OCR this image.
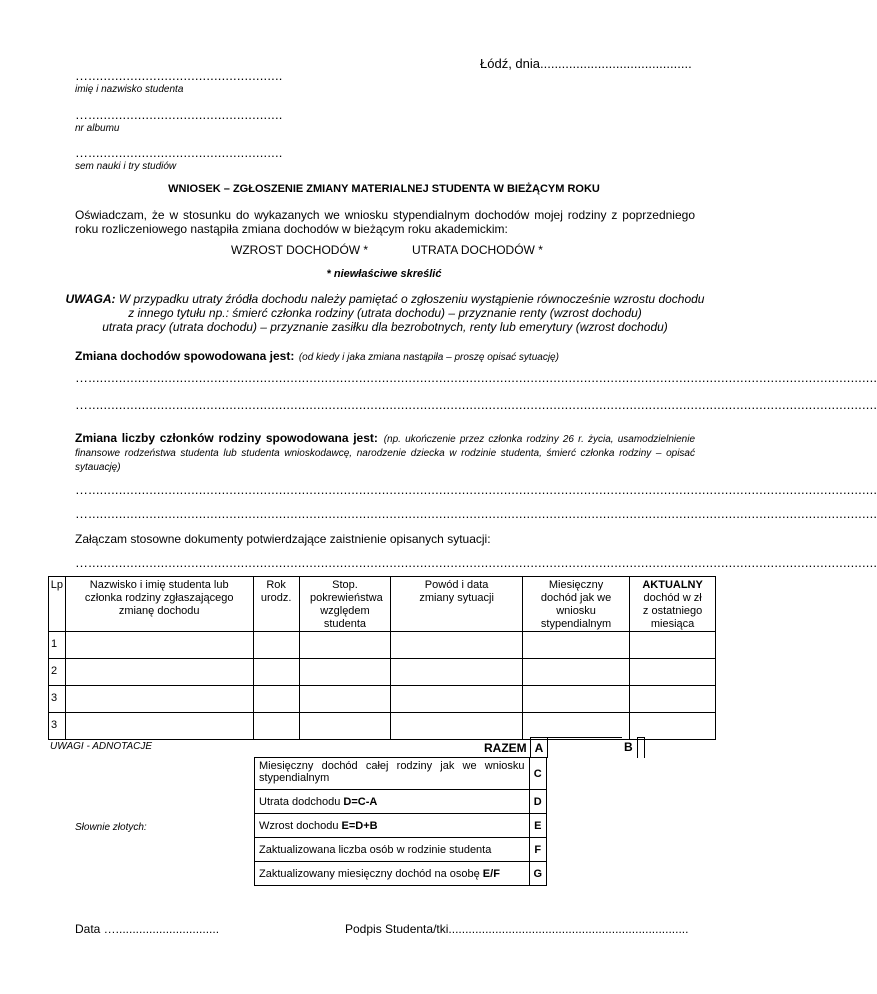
Łódź, dnia..........................................
…...................................................
imię i nazwisko studenta
…...................................................
nr albumu
…...................................................
sem nauki i try studiów
WNIOSEK – ZGŁOSZENIE ZMIANY MATERIALNEJ STUDENTA W BIEŻĄCYM ROKU
Oświadczam, że w stosunku do wykazanych we wniosku stypendialnym dochodów mojej rodziny z poprzedniego roku rozliczeniowego nastąpiła zmiana dochodów w bieżącym roku akademickim:
WZROST DOCHODÓW *	UTRATA DOCHODÓW *
* niewłaściwe skreślić
UWAGA: W przypadku utraty źródła dochodu należy pamiętać o zgłoszeniu wystąpienie równocześnie wzrostu dochodu
z innego tytułu np.: śmierć członka rodziny (utrata dochodu) – przyznanie renty (wzrost dochodu)
utrata pracy (utrata dochodu) – przyznanie zasiłku dla bezrobotnych, renty lub emerytury (wzrost dochodu)
Zmiana dochodów spowodowana jest: (od kiedy i jaka zmiana nastąpiła – proszę opisać sytuację)
…...............................................................................................................................................................................................................
…...............................................................................................................................................................................................................
Zmiana liczby członków rodziny spowodowana jest: (np. ukończenie przez członka rodziny 26 r. życia, usamodzielnienie finansowe rodzeństwa studenta lub studenta wnioskodawcę, narodzenie dziecka w rodzinie studenta, śmierć członka rodziny – opisać sytauację)
…...............................................................................................................................................................................................................
…...............................................................................................................................................................................................................
Załączam stosowne dokumenty potwierdzające zaistnienie opisanych sytuacji:
…...............................................................................................................................................................................................................
Lp	Nazwisko i imię studenta lub członka rodziny zgłaszającego zmianę dochodu	Rok urodz.	Stop. pokrewieństwa względem studenta	Powód i data zmiany sytuacji	Miesięczny dochód jak we wniosku stypendialnym	AKTUALNY
dochód w zł z ostatniego miesiąca

1						
2						
3						
3						
UWAGI - ADNOTACJE
Słownie złotych:
RAZEM A	B
Miesięczny dochód całej rodziny jak we wniosku stypendialnym	C
Utrata dodchodu D=C-A	D
Wzrost dochodu E=D+B	E
Zaktualizowana liczba osób w rodzinie studenta	F
Zaktualizowany miesięczny dochód na osobę E/F	G
Data …...............................	Podpis Studenta/tki........................................................................
